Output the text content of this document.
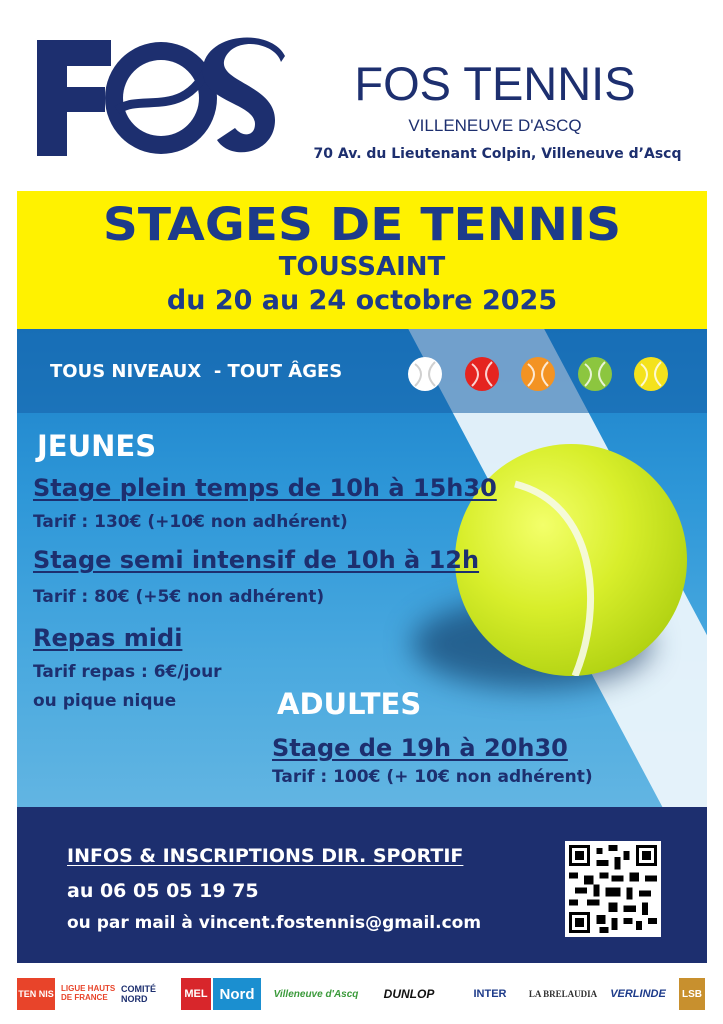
FOS TENNIS
VILLENEUVE D'ASCQ
70 Av. du Lieutenant Colpin, Villeneuve d’Ascq
STAGES DE TENNIS
TOUSSAINT
du 20 au 24 octobre 2025
TOUS NIVEAUX  - TOUT ÂGES
JEUNES
Stage plein temps de 10h à 15h30
Tarif : 130€ (+10€ non adhérent)
Stage semi intensif de 10h à 12h
Tarif : 80€ (+5€ non adhérent)
Repas midi
Tarif repas : 6€/jour
ou pique nique	ADULTES
Stage de 19h à 20h30
Tarif : 100€ (+ 10€ non adhérent)
INFOS & INSCRIPTIONS DIR. SPORTIF
au 06 05 05 19 75
ou par mail à vincent.fostennis@gmail.com
TEN NIS LIGUE HAUTS DE FRANCE
COMITÉ NORD	MEL Nord	Villeneuve d'Ascq	DUNLOP	INTER	LA BRELAUDIA	VERLINDE	LSB
